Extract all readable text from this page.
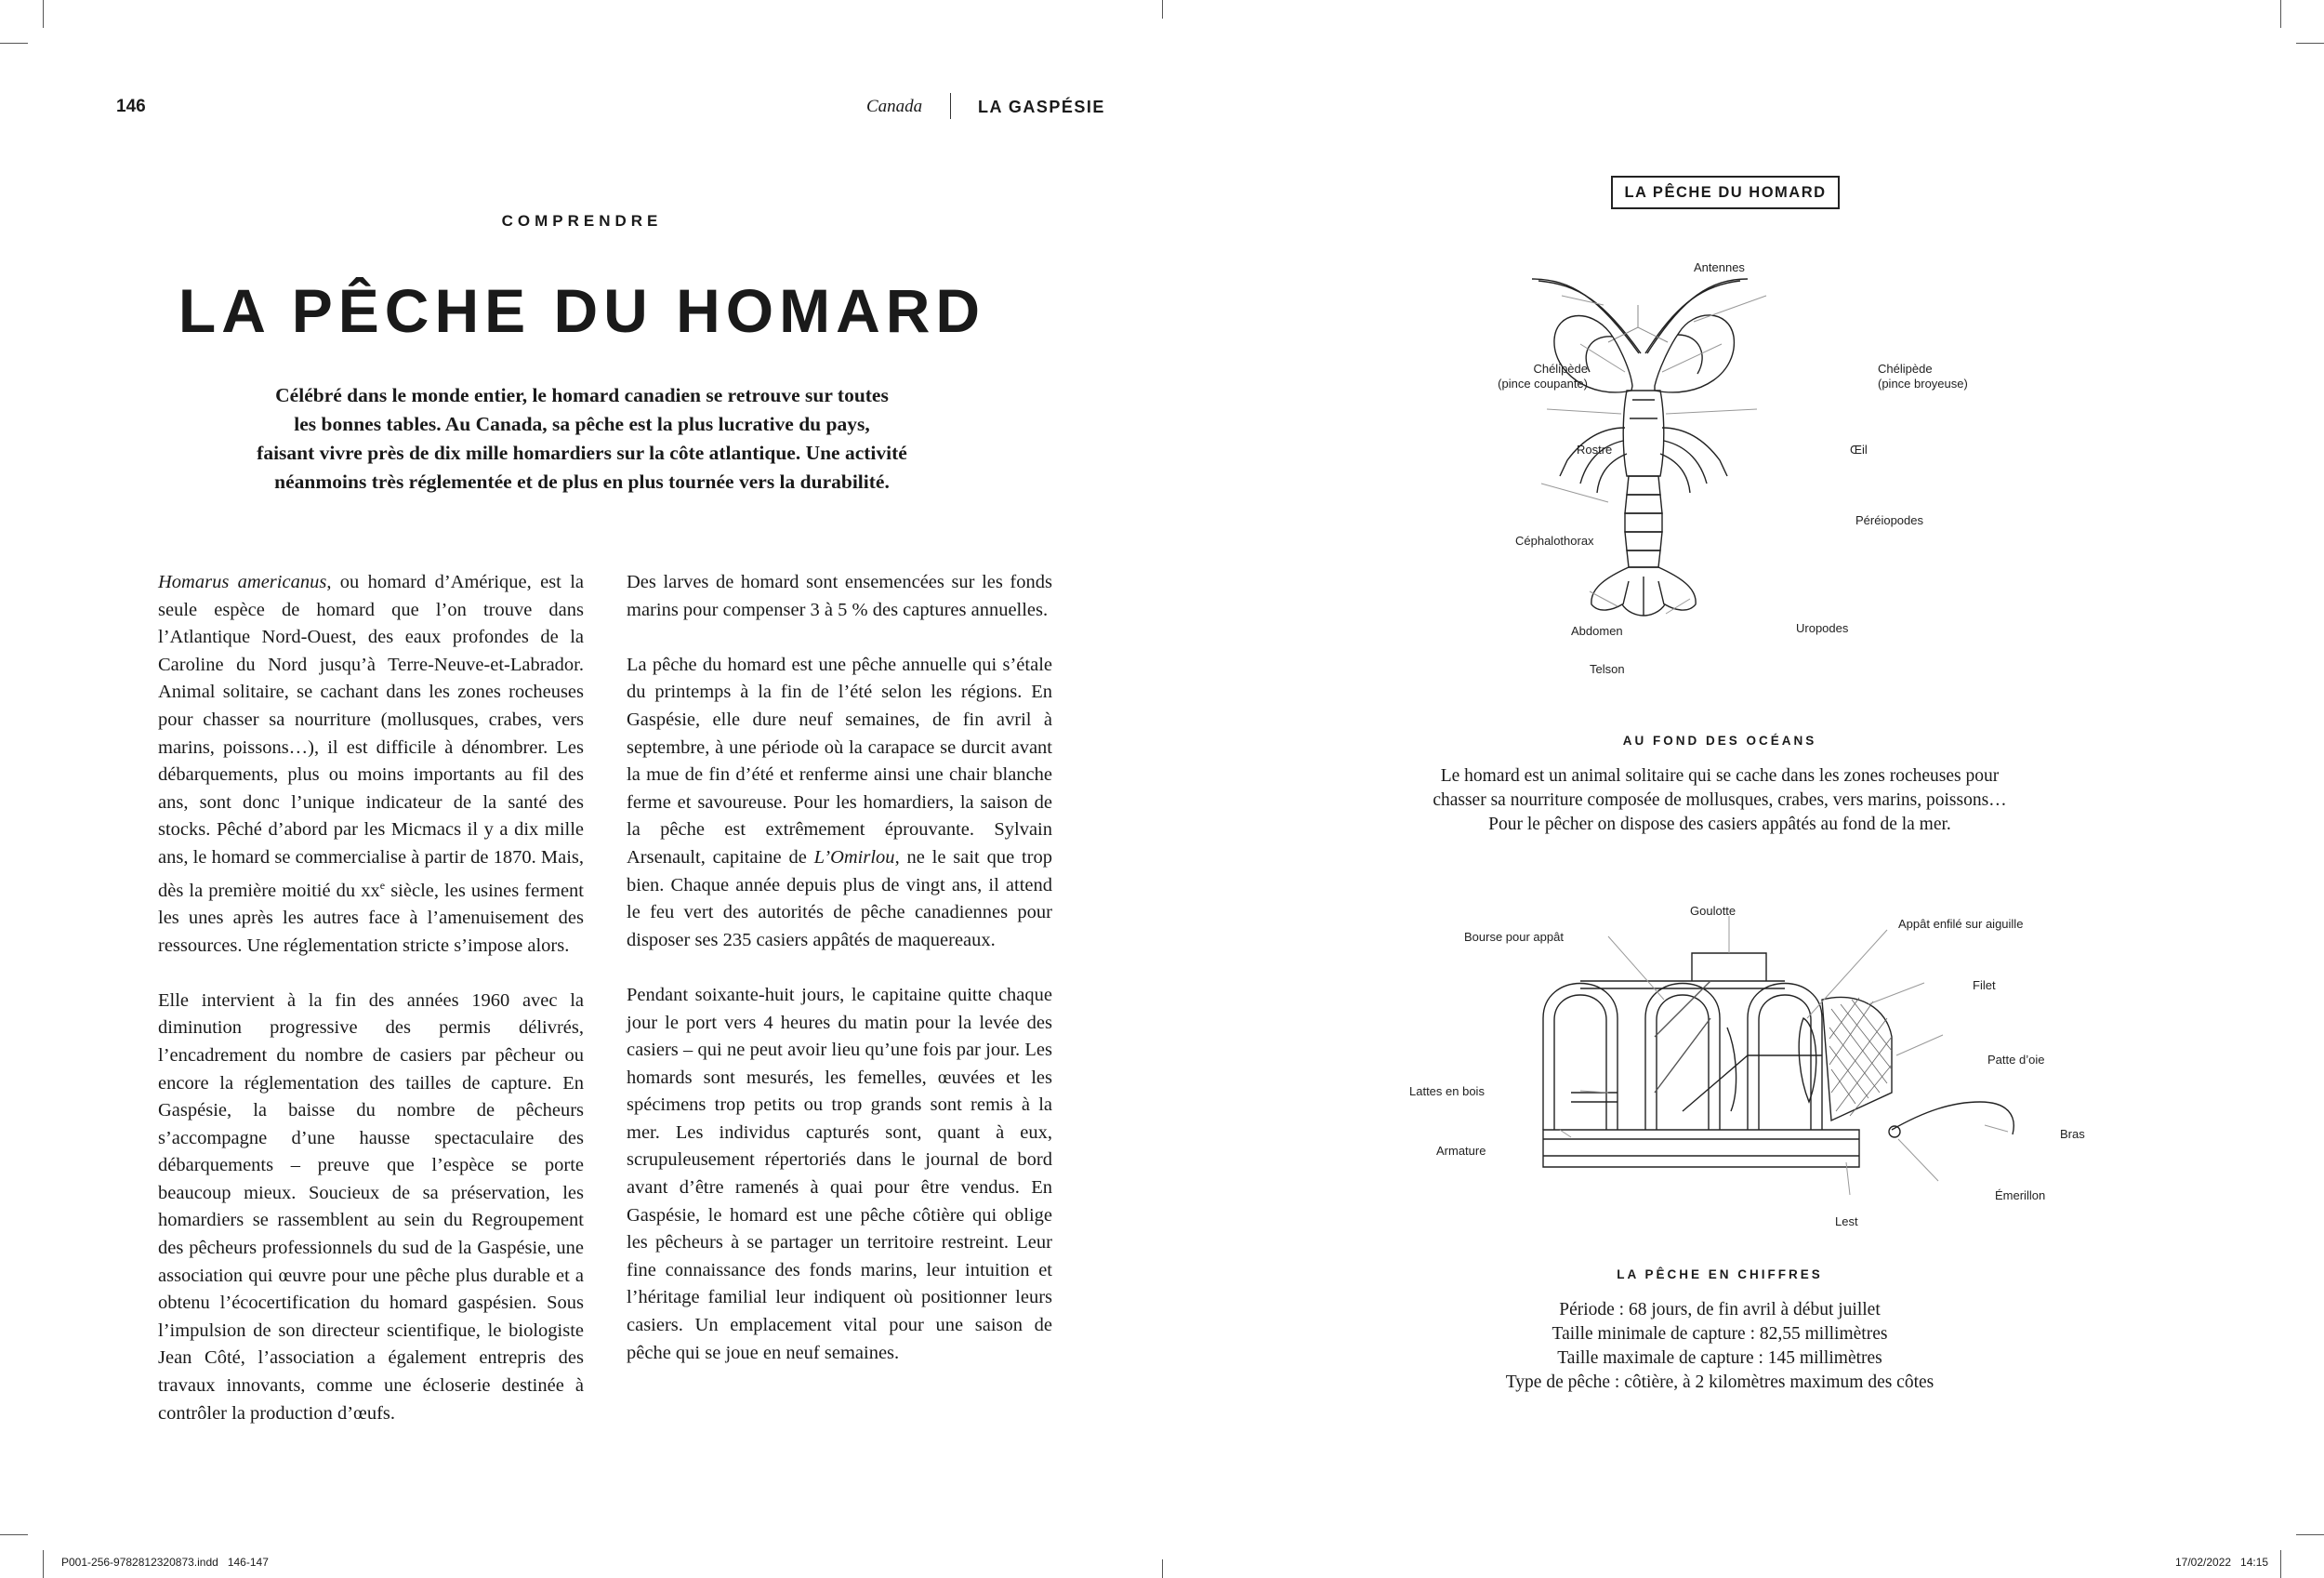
146	Canada	LA GASPÉSIE
COMPRENDRE
LA PÊCHE DU HOMARD
Célébré dans le monde entier, le homard canadien se retrouve sur toutes
les bonnes tables. Au Canada, sa pêche est la plus lucrative du pays,
faisant vivre près de dix mille homardiers sur la côte atlantique. Une activité
néanmoins très réglementée et de plus en plus tournée vers la durabilité.

Homarus americanus, ou homard d’Amérique, est la seule espèce de homard que l’on trouve dans l’Atlantique Nord-Ouest, des eaux profondes de la Caroline du Nord jusqu’à Terre-Neuve-et-Labrador. Animal solitaire, se cachant dans les zones rocheuses pour chasser sa nourriture (mollusques, crabes, vers marins, poissons…), il est difficile à dénombrer. Les débarquements, plus ou moins importants au fil des ans, sont donc l’unique indicateur de la santé des stocks. Pêché d’abord par les Micmacs il y a dix mille ans, le homard se commercialise à partir de 1870. Mais, dès la première moitié du $xx^e$ siècle, les usines ferment les unes après les autres face à l’amenuisement des ressources. Une réglementation stricte s’impose alors.

Elle intervient à la fin des années 1960 avec la diminution progressive des permis délivrés, l’encadrement du nombre de casiers par pêcheur ou encore la réglementation des tailles de capture. En Gaspésie, la baisse du nombre de pêcheurs s’accompagne d’une hausse spectaculaire des débarquements – preuve que l’espèce se porte beaucoup mieux. Soucieux de sa préservation, les homardiers se rassemblent au sein du Regroupement des pêcheurs professionnels du sud de la Gaspésie, une association qui œuvre pour une pêche plus durable et a obtenu l’écocertification du homard gaspésien. Sous l’impulsion de son directeur scientifique, le biologiste Jean Côté, l’association a également entrepris des travaux innovants, comme une écloserie destinée à contrôler la production d’œufs.

Des larves de homard sont ensemencées sur les fonds marins pour compenser 3 à 5 % des captures annuelles.

La pêche du homard est une pêche annuelle qui s’étale du printemps à la fin de l’été selon les régions. En Gaspésie, elle dure neuf semaines, de fin avril à septembre, à une période où la carapace se durcit avant la mue de fin d’été et renferme ainsi une chair blanche ferme et savoureuse. Pour les homardiers, la saison de la pêche est extrêmement éprouvante. Sylvain Arsenault, capitaine de L’Omirlou, ne le sait que trop bien. Chaque année depuis plus de vingt ans, il attend le feu vert des autorités de pêche canadiennes pour disposer ses 235 casiers appâtés de maquereaux.

Pendant soixante-huit jours, le capitaine quitte chaque jour le port vers 4 heures du matin pour la levée des casiers – qui ne peut avoir lieu qu’une fois par jour. Les homards sont mesurés, les femelles, œuvées et les spécimens trop petits ou trop grands sont remis à la mer. Les individus capturés sont, quant à eux, scrupuleusement répertoriés dans le journal de bord avant d’être ramenés à quai pour être vendus. En Gaspésie, le homard est une pêche côtière qui oblige les pêcheurs à se partager un territoire restreint. Leur fine connaissance des fonds marins, leur intuition et l’héritage familial leur indiquent où positionner leurs casiers. Un emplacement vital pour une saison de pêche qui se joue en neuf semaines.

LA PÊCHE DU HOMARD
Antennes
Chélipède
(pince coupante)
Chélipède
(pince broyeuse)
Rostre	Œil
Péréiopodes
Céphalothorax
Abdomen	Uropodes
Telson
AU FOND DES OCÉANS
Le homard est un animal solitaire qui se cache dans les zones rocheuses pour
chasser sa nourriture composée de mollusques, crabes, vers marins, poissons…
Pour le pêcher on dispose des casiers appâtés au fond de la mer.
Goulotte
Bourse pour appât
Appât enfilé sur aiguille
Filet
Patte d’oie
Lattes en bois
Bras
Armature
Émerillon
Lest
LA PÊCHE EN CHIFFRES
Période : 68 jours, de fin avril à début juillet
Taille minimale de capture : 82,55 millimètres
Taille maximale de capture : 145 millimètres
Type de pêche : côtière, à 2 kilomètres maximum des côtes
P001-256-9782812320873.indd   146-147	17/02/2022   14:15
